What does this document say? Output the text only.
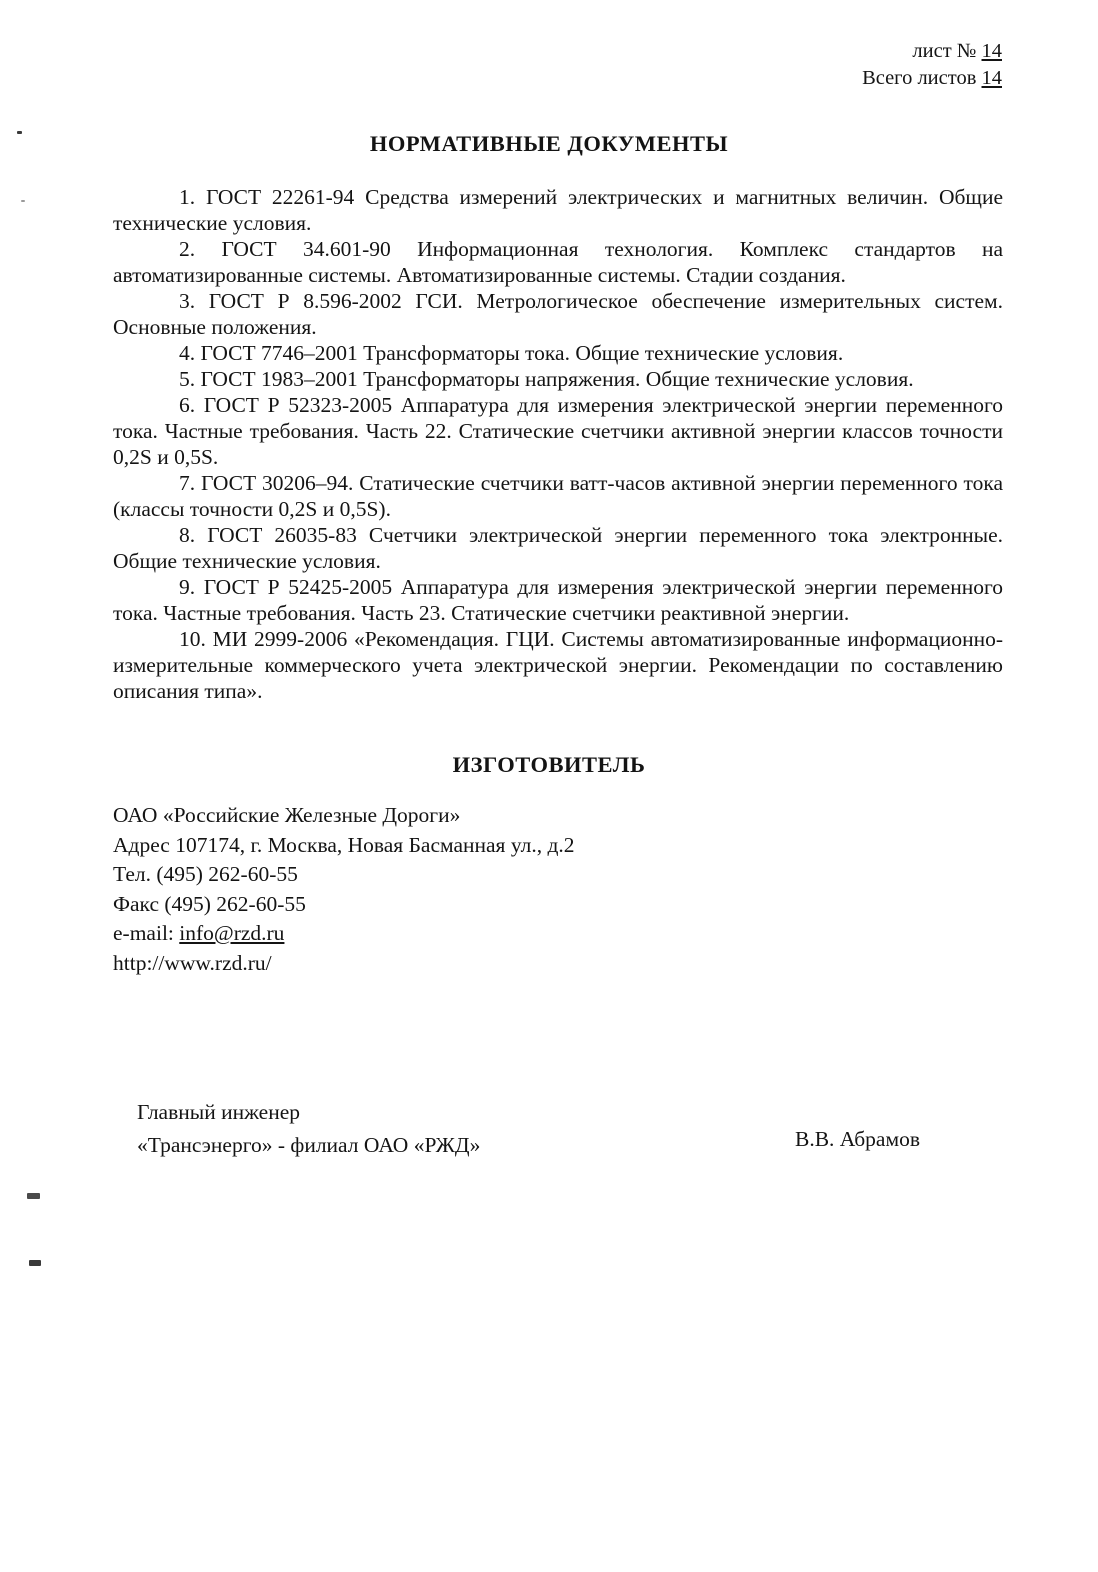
лист № 14
Всего листов 14
НОРМАТИВНЫЕ ДОКУМЕНТЫ

1. ГОСТ 22261-94 Средства измерений электрических и магнитных величин. Общие технические условия.

2. ГОСТ 34.601-90 Информационная технология. Комплекс стандартов на автоматизированные системы. Автоматизированные системы. Стадии создания.

3. ГОСТ Р 8.596-2002 ГСИ. Метрологическое обеспечение измерительных систем. Основные положения.

4. ГОСТ 7746–2001 Трансформаторы тока. Общие технические условия.

5. ГОСТ 1983–2001 Трансформаторы напряжения. Общие технические условия.

6. ГОСТ Р 52323-2005 Аппаратура для измерения электрической энергии переменного тока. Частные требования. Часть 22. Статические счетчики активной энергии классов точности 0,2S и 0,5S.

7. ГОСТ 30206–94. Статические счетчики ватт-часов активной энергии переменного тока (классы точности 0,2S и 0,5S).

8. ГОСТ 26035-83 Счетчики электрической энергии переменного тока электронные. Общие технические условия.

9. ГОСТ Р 52425-2005 Аппаратура для измерения электрической энергии переменного тока. Частные требования. Часть 23. Статические счетчики реактивной энергии.

10. МИ 2999-2006 «Рекомендация. ГЦИ. Системы автоматизированные информационно-измерительные коммерческого учета электрической энергии. Рекомендации по составлению описания типа».

ИЗГОТОВИТЕЛЬ

ОАО «Российские Железные Дороги»

Адрес 107174, г. Москва, Новая Басманная ул., д.2

Тел. (495) 262-60-55

Факс (495) 262-60-55

e-mail: info@rzd.ru

http://www.rzd.ru/

Главный инженер
«Трансэнерго» - филиал ОАО «РЖД»	В.В. Абрамов
